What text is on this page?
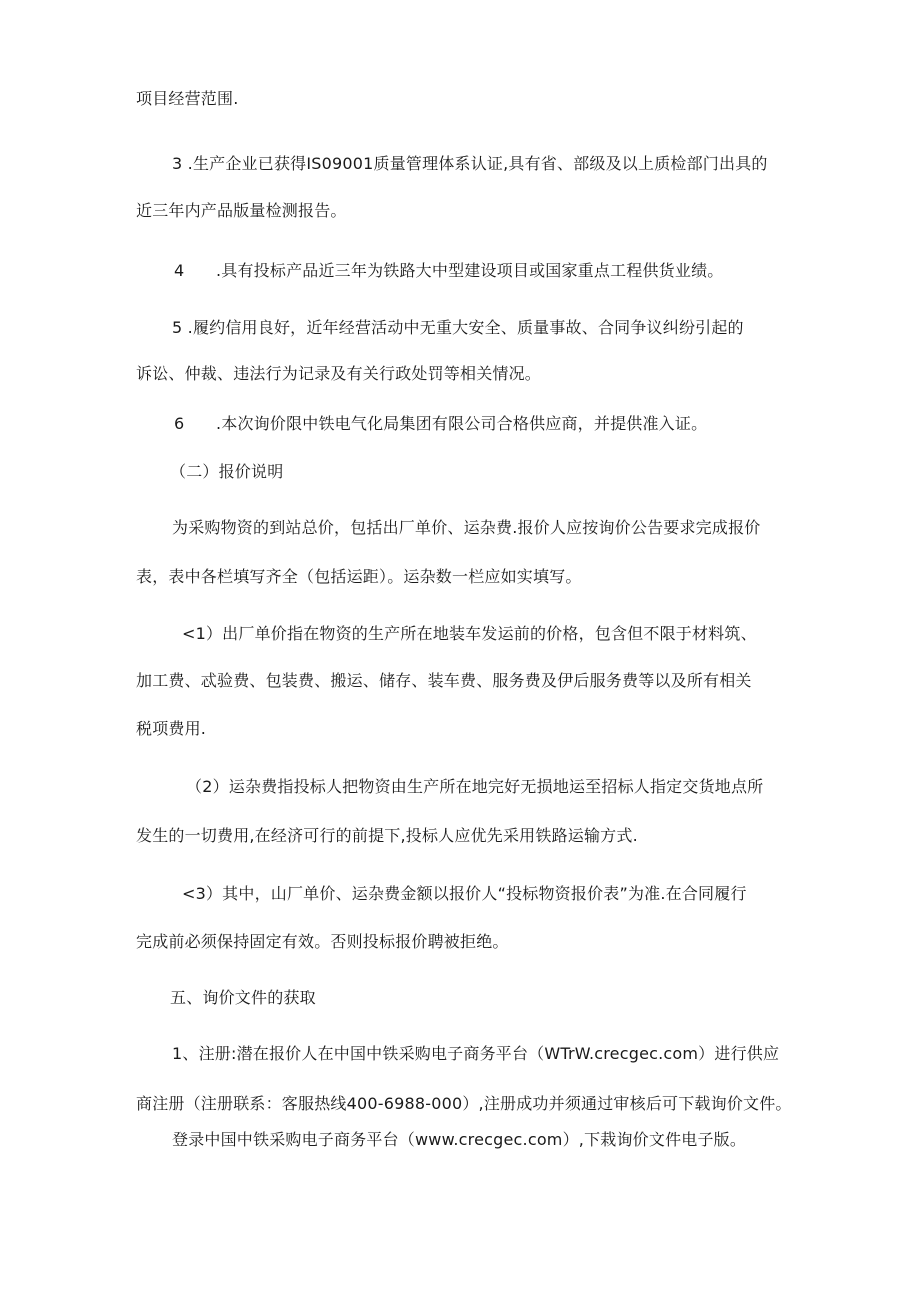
项目经营范围.
3 .生产企业已获得IS09001质量管理体系认证,具有省、部级及以上质检部门出具的
近三年内产品版量检测报告。
4 .具有投标产品近三年为铁路大中型建设项目或国家重点工程供货业绩。
5 .履约信用良好，近年经营活动中无重大安全、质量事故、合同争议纠纷引起的
诉讼、仲裁、违法行为记录及有关行政处罚等相关情况。
6 .本次询价限中铁电气化局集团有限公司合格供应商，并提供准入证。
（二）报价说明
为采购物资的到站总价，包括出厂单价、运杂费.报价人应按询价公告要求完成报价
表，表中各栏填写齐全（包括运距）。运杂数一栏应如实填写。
<1）出厂单价指在物资的生产所在地装车发运前的价格，包含但不限于材料筑、
加工费、忒验费、包装费、搬运、储存、装车费、服务费及伊后服务费等以及所有相关
税项费用.
（2）运杂费指投标人把物资由生产所在地完好无损地运至招标人指定交货地点所
发生的一切费用,在经济可行的前提下,投标人应优先采用铁路运输方式.
<3）其中，山厂单价、运杂费金额以报价人“投标物资报价表”为准.在合同履行
完成前必须保持固定有效。否则投标报价聘被拒绝。
五、询价文件的获取
1、注册:潜在报价人在中国中铁采购电子商务平台（WTrW.crecgec.com）进行供应
商注册（注册联系：客服热线400-6988-000）,注册成功并须通过审核后可下载询价文件。
登录中国中铁采购电子商务平台（www.crecgec.com）,下栽询价文件电子版。
